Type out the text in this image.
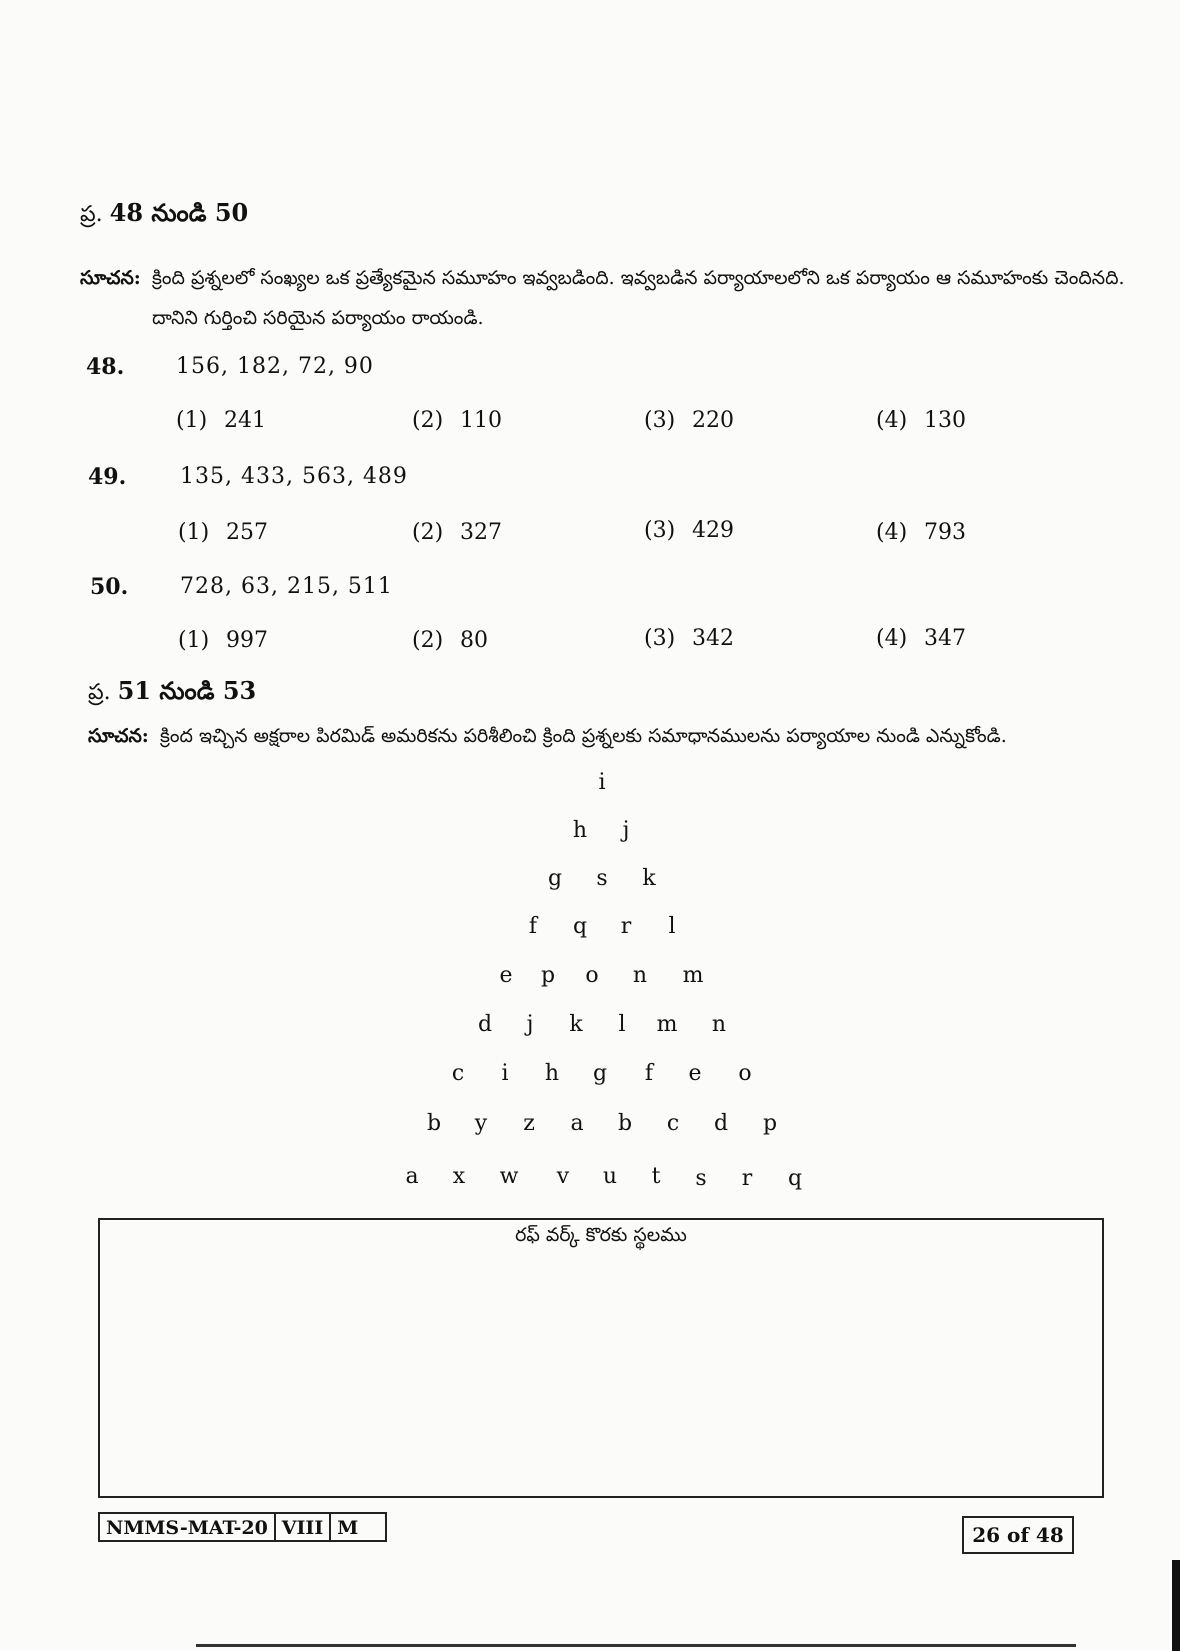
ప్ర. 48 నుండి 50
సూచన: క్రింది ప్రశ్నలలో సంఖ్యల ఒక ప్రత్యేకమైన సమూహం ఇవ్వబడింది. ఇవ్వబడిన పర్యాయాలలోని ఒక పర్యాయం ఆ సమూహంకు చెందినది. దానిని గుర్తించి సరియైన పర్యాయం రాయండి.
48. 156, 182, 72, 90
(1) 241	(2) 110	(3) 220	(4) 130
49. 135, 433, 563, 489
(1) 257	(2) 327	(3) 429	(4) 793
50. 728, 63, 215, 511
(1) 997	(2) 80	(3) 342	(4) 347
ప్ర. 51 నుండి 53
సూచన: క్రింద ఇచ్చిన అక్షరాల పిరమిడ్ అమరికను పరిశీలించి క్రింది ప్రశ్నలకు సమాధానములను పర్యాయాల నుండి ఎన్నుకోండి.
i
h	j
g	s	k
f	q	r	l
e	p	o	n	m
d	j	k	l	m	n
c	i	h	g	f	e	o
b	y	z	a	b	c	d	p
a	x	w	v	u	t	s	r	q
రఫ్ వర్క్ కొరకు స్థలము
NMMS-MAT-20 VIII M	26 of 48
